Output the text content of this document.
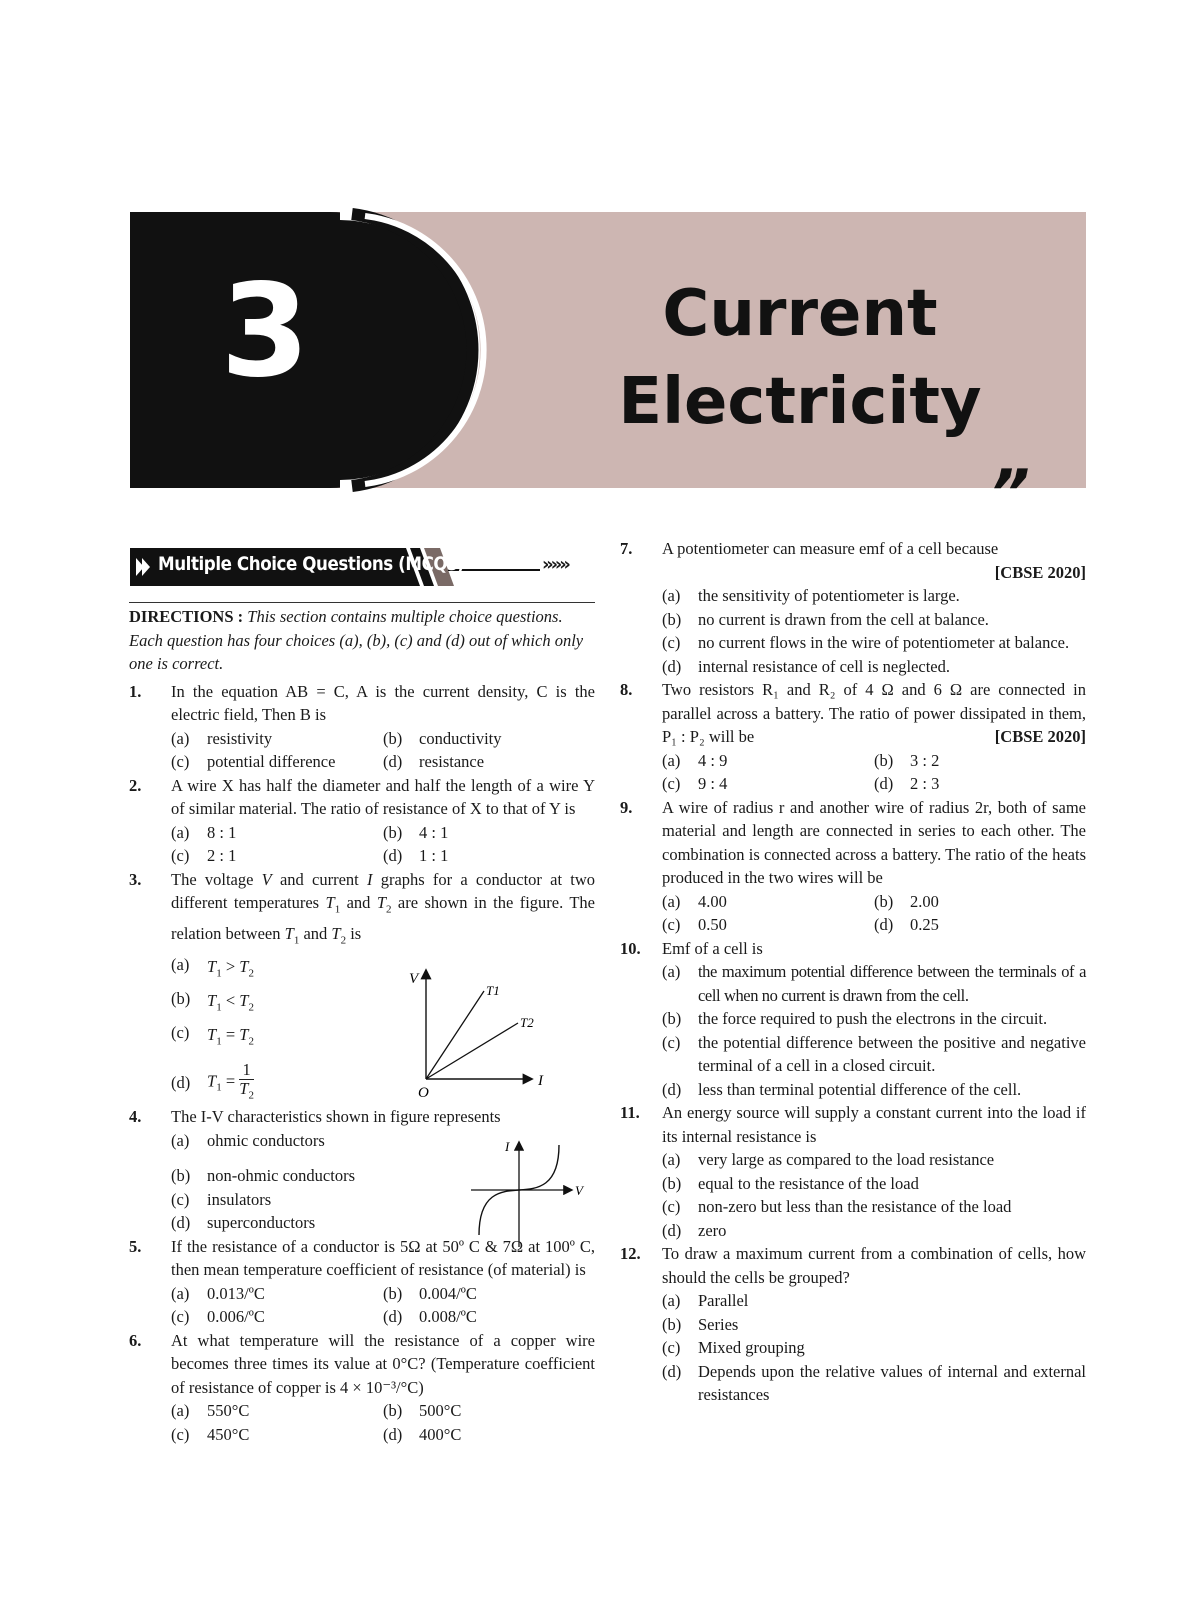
3	Current
Electricity
”
Multiple Choice Questions (MCQs)	»»»
DIRECTIONS : This section contains multiple choice questions. Each question has four choices (a), (b), (c) and (d) out of which only one is correct.
1. In the equation AB = C, A is the current density, C is the electric field, Then B is
(a)	resistivity	(b)	conductivity
(c)	potential difference	(d)	resistance
2. A wire X has half the diameter and half the length of a wire Y of similar material. The ratio of resistance of X to that of Y is
(a)	8 : 1	(b)	4 : 1
(c)	2 : 1	(d)	1 : 1
3. The voltage V and current I graphs for a conductor at two different temperatures $T_1$ and $T_2$ are shown in the figure. The relation between $T_1$ and $T_2$ is
(a)	$T_1 > T_2$
(b)	$T_1 < T_2$
(c)	$T_1 = T_2$
(d)	$T_1 = \frac{1}{T_2}$
V
I
O
T1
T2
4. The I-V characteristics shown in figure represents
(a)	ohmic conductors
(b)	non-ohmic conductors
(c)	insulators
(d)	superconductors
I
V
5. If the resistance of a conductor is 5Ω at 50º C & 7Ω at 100º C, then mean temperature coefficient of resistance (of material) is
(a)	0.013/ºC	(b)	0.004/ºC
(c)	0.006/ºC	(d)	0.008/ºC
6. At what temperature will the resistance of a copper wire becomes three times its value at 0°C? (Temperature coefficient of resistance of copper is 4 × 10⁻³/°C)
(a)	550°C	(b)	500°C
(c)	450°C	(d)	400°C
7. A potentiometer can measure emf of a cell because
[CBSE 2020]
(a)	the sensitivity of potentiometer is large.
(b)	no current is drawn from the cell at balance.
(c)	no current flows in the wire of potentiometer at balance.
(d)	internal resistance of cell is neglected.
8. Two resistors R₁ and R₂ of 4 Ω and 6 Ω are connected in parallel across a battery. The ratio of power dissipated in them, P₁ : P₂ will be	[CBSE 2020]
(a)	4 : 9	(b)	3 : 2
(c)	9 : 4	(d)	2 : 3
9. A wire of radius r and another wire of radius 2r, both of same material and length are connected in series to each other. The combination is connected across a battery. The ratio of the heats produced in the two wires will be
(a)	4.00	(b)	2.00
(c)	0.50	(d)	0.25
10. Emf of a cell is
(a)	the maximum potential difference between the terminals of a cell when no current is drawn from the cell.
(b)	the force required to push the electrons in the circuit.
(c)	the potential difference between the positive and negative terminal of a cell in a closed circuit.
(d)	less than terminal potential difference of the cell.
11. An energy source will supply a constant current into the load if its internal resistance is
(a)	very large as compared to the load resistance
(b)	equal to the resistance of the load
(c)	non-zero but less than the resistance of the load
(d)	zero
12. To draw a maximum current from a combination of cells, how should the cells be grouped?
(a)	Parallel
(b)	Series
(c)	Mixed grouping
(d)	Depends upon the relative values of internal and external resistances
